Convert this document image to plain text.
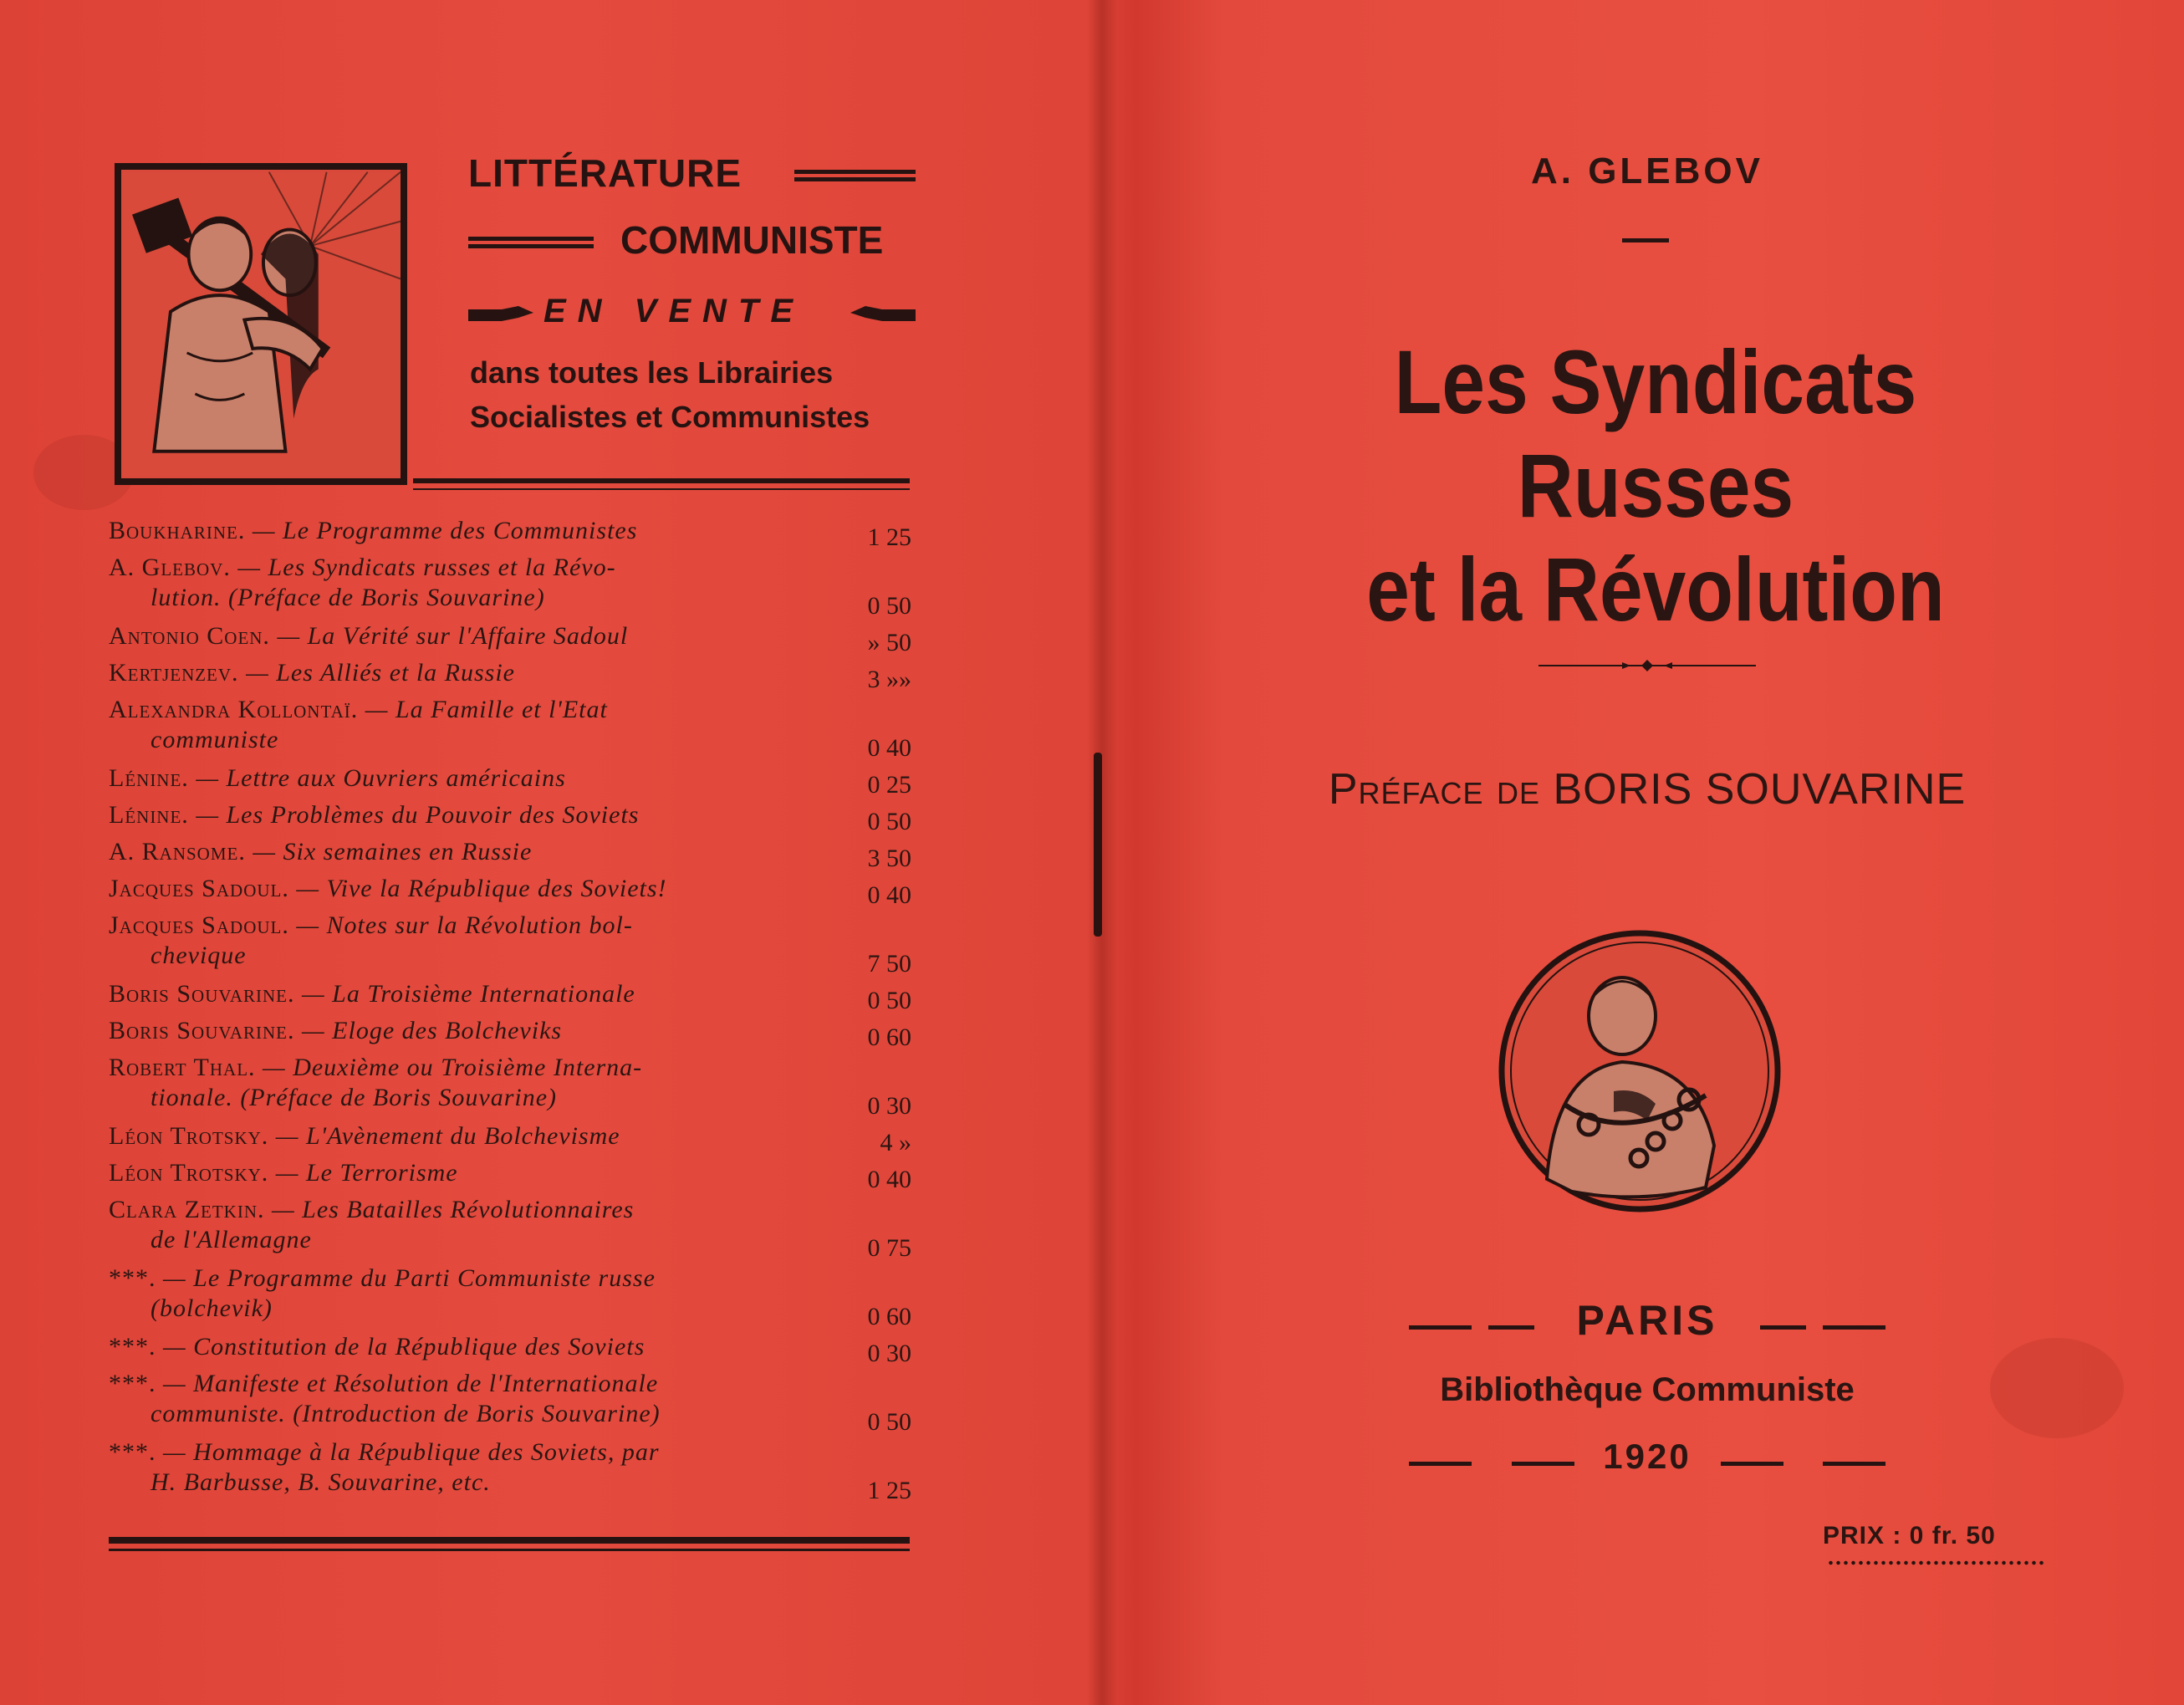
LITTÉRATURE
COMMUNISTE
EN VENTE
dans toutes les Librairies
Socialistes et Communistes
Boukharine. — Le Programme des Communistes	1 25
A. Glebov. — Les Syndicats russes et la Révo-
lution. (Préface de Boris Souvarine)	0 50
Antonio Coen. — La Vérité sur l'Affaire Sadoul	» 50
Kertjenzev. — Les Alliés et la Russie	3 »»
Alexandra Kollontaï. — La Famille et l'Etat
communiste	0 40
Lénine. — Lettre aux Ouvriers américains	0 25
Lénine. — Les Problèmes du Pouvoir des Soviets	0 50
A. Ransome. — Six semaines en Russie	3 50
Jacques Sadoul. — Vive la République des Soviets!	0 40
Jacques Sadoul. — Notes sur la Révolution bol-
chevique	7 50
Boris Souvarine. — La Troisième Internationale	0 50
Boris Souvarine. — Eloge des Bolcheviks	0 60
Robert Thal. — Deuxième ou Troisième Interna-
tionale. (Préface de Boris Souvarine)	0 30
Léon Trotsky. — L'Avènement du Bolchevisme	4 »
Léon Trotsky. — Le Terrorisme	0 40
Clara Zetkin. — Les Batailles Révolutionnaires
de l'Allemagne	0 75
***. — Le Programme du Parti Communiste russe
(bolchevik)	0 60
***. — Constitution de la République des Soviets	0 30
***. — Manifeste et Résolution de l'Internationale
communiste. (Introduction de Boris Souvarine)	0 50
***. — Hommage à la République des Soviets, par
H. Barbusse, B. Souvarine, etc.	1 25
A. GLEBOV
Les Syndicats Russes
et la Révolution
Préface de BORIS SOUVARINE
PARIS
Bibliothèque Communiste
1920
PRIX : 0 fr. 50
